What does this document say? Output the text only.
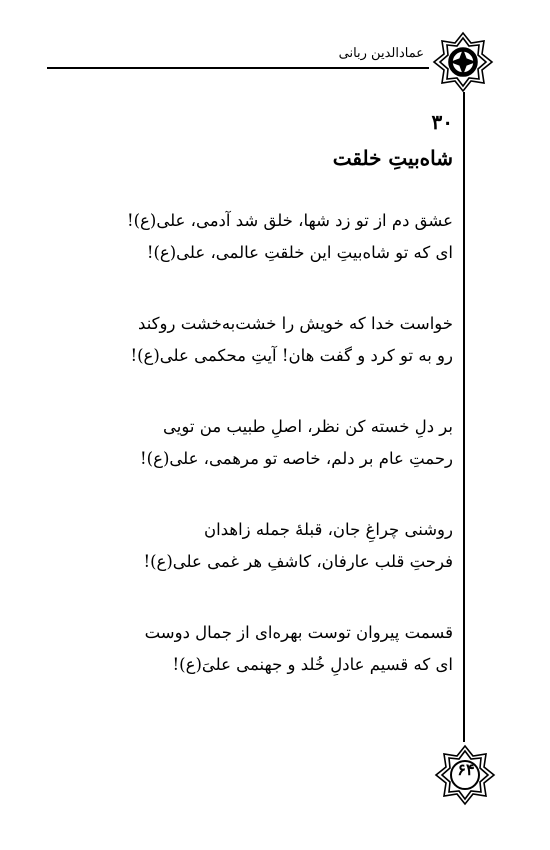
عمادالدین ربانی
۳۰
شاه‌بیتِ خلقت
عشق دم از تو زد شها، خلق شد آدمی، علی(ع)!
ای که تو شاه‌بیتِ این خلقتِ عالمی، علی(ع)!
خواست خدا که خویش را خشت‌به‌خشت روکند
رو به تو کرد و گفت هان! آیتِ محکمی علی(ع)!
بر دلِ خسته کن نظر، اصلِ طبیب من تویی
رحمتِ عام بر دلم، خاصه تو مرهمی، علی(ع)!
روشنی چراغِ جان، قبلهٔ جمله زاهدان
فرحتِ قلب عارفان، کاشفِ هر غمی علی(ع)!
قسمت پیروان توست بهره‌ای از جمال دوست
ای که قسیم عادلِ خُلد و جهنمی علیَ(ع)!
۶۴
